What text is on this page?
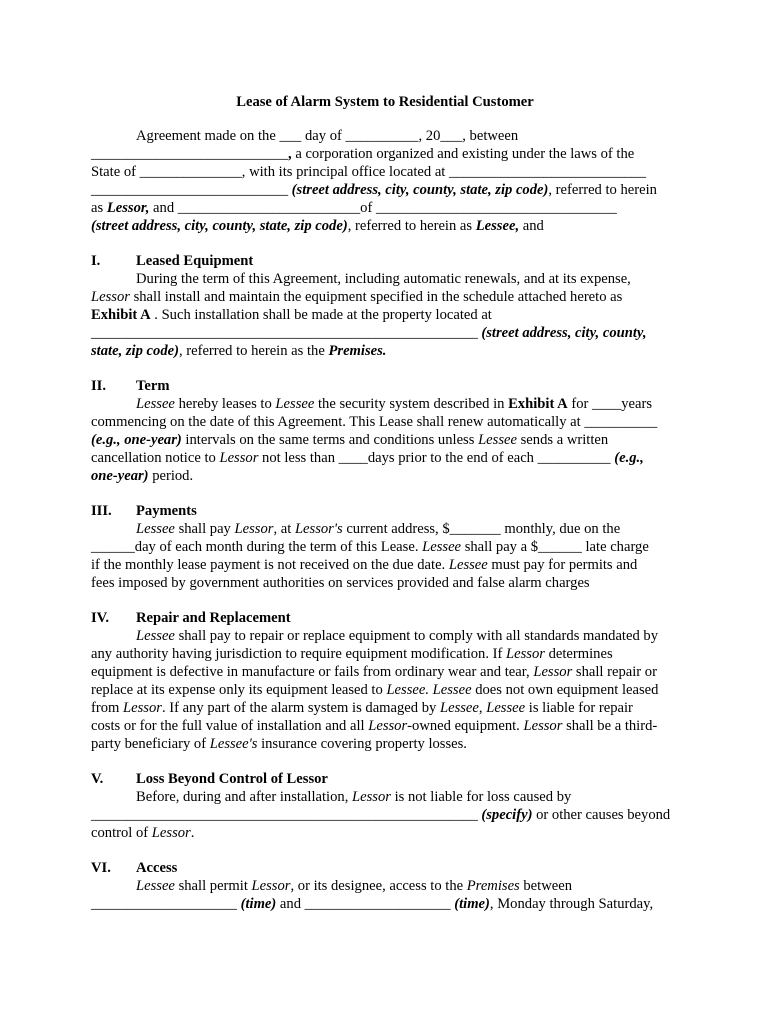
Lease of Alarm System to Residential Customer
Agreement made on the ___ day of __________, 20___, between
___________________________, a corporation organized and existing under the laws of the
State of ______________, with its principal office located at ___________________________
___________________________ (street address, city, county, state, zip code), referred to herein
as Lessor, and _________________________of _________________________________
(street address, city, county, state, zip code), referred to herein as Lessee, and
I. Leased Equipment
During the term of this Agreement, including automatic renewals, and at its expense,
Lessor shall install and maintain the equipment specified in the schedule attached hereto as
Exhibit A . Such installation shall be made at the property located at
_____________________________________________________ (street address, city, county,
state, zip code), referred to herein as the Premises.
II. Term
Lessee hereby leases to Lessee the security system described in Exhibit A for ____years
commencing on the date of this Agreement. This Lease shall renew automatically at __________
(e.g., one-year) intervals on the same terms and conditions unless Lessee sends a written
cancellation notice to Lessor not less than ____days prior to the end of each __________ (e.g.,
one-year) period.
III. Payments
Lessee shall pay Lessor, at Lessor's current address, $_______ monthly, due on the
______day of each month during the term of this Lease. Lessee shall pay a $______ late charge
if the monthly lease payment is not received on the due date. Lessee must pay for permits and
fees imposed by government authorities on services provided and false alarm charges
IV. Repair and Replacement
Lessee shall pay to repair or replace equipment to comply with all standards mandated by
any authority having jurisdiction to require equipment modification. If Lessor determines
equipment is defective in manufacture or fails from ordinary wear and tear, Lessor shall repair or
replace at its expense only its equipment leased to Lessee. Lessee does not own equipment leased
from Lessor. If any part of the alarm system is damaged by Lessee, Lessee is liable for repair
costs or for the full value of installation and all Lessor-owned equipment. Lessor shall be a third-
party beneficiary of Lessee's insurance covering property losses.
V. Loss Beyond Control of Lessor
Before, during and after installation, Lessor is not liable for loss caused by
_____________________________________________________ (specify) or other causes beyond
control of Lessor.
VI. Access
Lessee shall permit Lessor, or its designee, access to the Premises between
____________________ (time) and ____________________ (time), Monday through Saturday,
